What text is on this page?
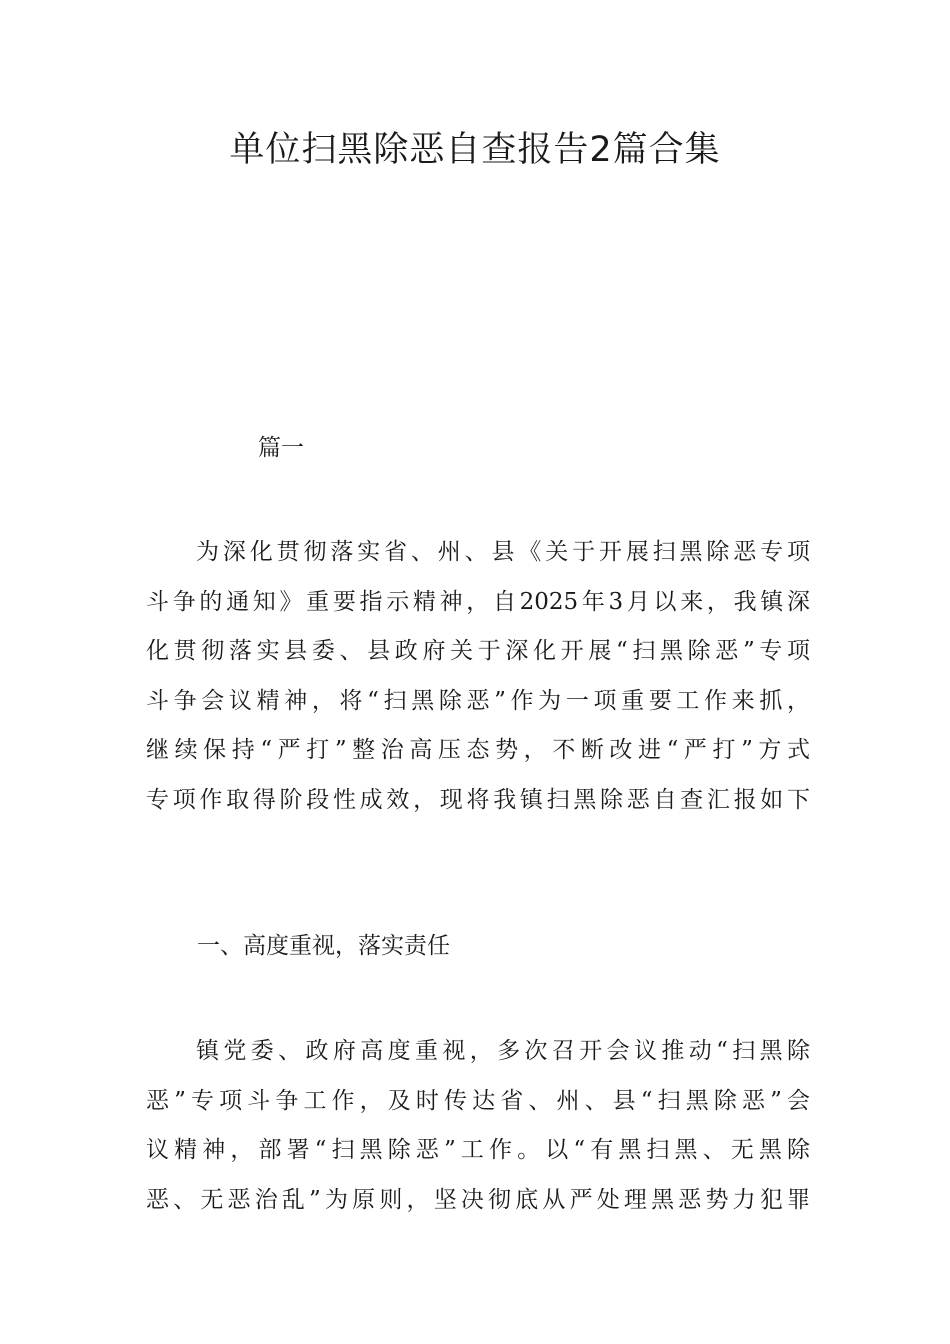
单位扫黑除恶自查报告2篇合集
篇一

为深化贯彻落实省、州、县《关于开展扫黑除恶专项
斗争的通知》重要指示精神，自2025年3月以来，我镇深
化贯彻落实县委、县政府关于深化开展“扫黑除恶”专项
斗争会议精神，将“扫黑除恶”作为一项重要工作来抓，
继续保持“严打”整治高压态势，不断改进“严打”方式
专项作取得阶段性成效，现将我镇扫黑除恶自查汇报如下

一、高度重视，落实责任

镇党委、政府高度重视，多次召开会议推动“扫黑除
恶”专项斗争工作，及时传达省、州、县“扫黑除恶”会
议精神，部署“扫黑除恶”工作。以“有黑扫黑、无黑除
恶、无恶治乱”为原则，坚决彻底从严处理黑恶势力犯罪
